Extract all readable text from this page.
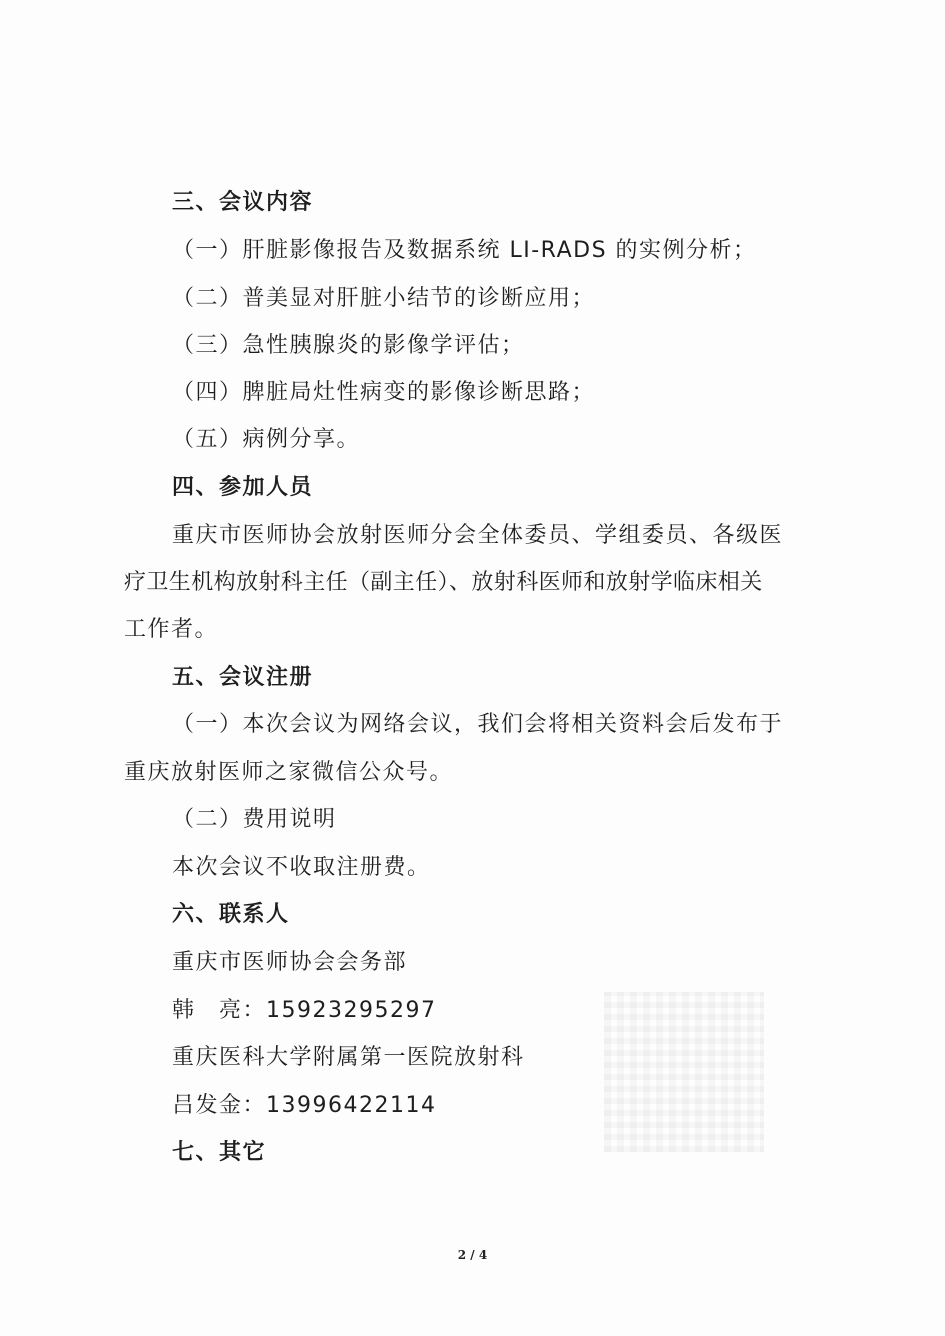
三、会议内容
（一）肝脏影像报告及数据系统 LI-RADS 的实例分析；
（二）普美显对肝脏小结节的诊断应用；
（三）急性胰腺炎的影像学评估；
（四）脾脏局灶性病变的影像诊断思路；
（五）病例分享。
四、参加人员
重庆市医师协会放射医师分会全体委员、学组委员、各级医
疗卫生机构放射科主任（副主任）、放射科医师和放射学临床相关
工作者。
五、会议注册
（一）本次会议为网络会议，我们会将相关资料会后发布于
重庆放射医师之家微信公众号。
（二）费用说明
本次会议不收取注册费。
六、联系人
重庆市医师协会会务部
韩　亮：15923295297
重庆医科大学附属第一医院放射科
吕发金：13996422114
七、其它
2 / 4
